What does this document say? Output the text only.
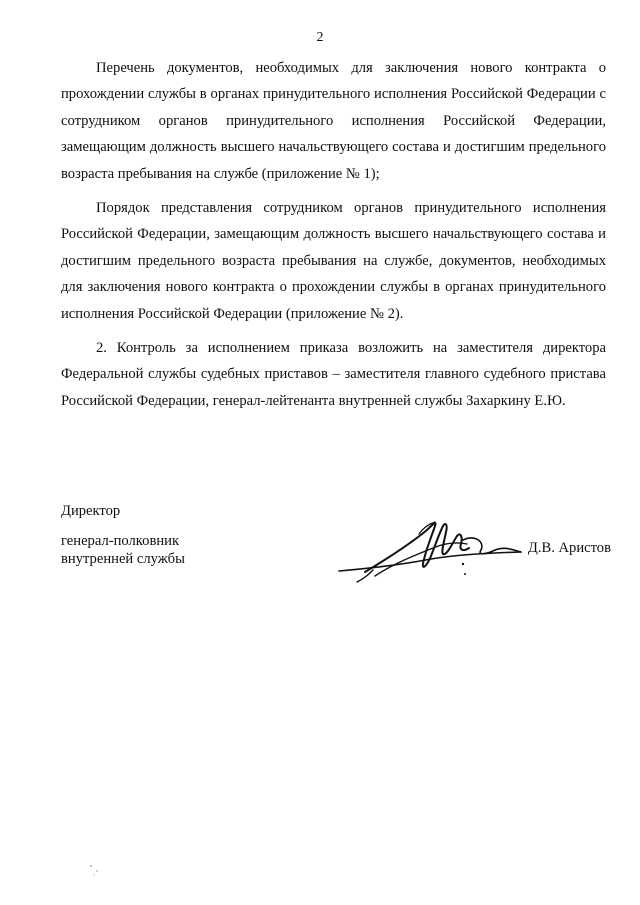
2

Перечень документов, необходимых для заключения нового контракта о прохождении службы в органах принудительного исполнения Российской Федерации с сотрудником органов принудительного исполнения Российской Федерации, замещающим должность высшего начальствующего состава и достигшим предельного возраста пребывания на службе (приложение № 1);

Порядок представления сотрудником органов принудительного исполнения Российской Федерации, замещающим должность высшего начальствующего состава и достигшим предельного возраста пребывания на службе, документов, необходимых для заключения нового контракта о прохождении службы в органах принудительного исполнения Российской Федерации (приложение № 2).

2. Контроль за исполнением приказа возложить на заместителя директора Федеральной службы судебных приставов – заместителя главного судебного пристава Российской Федерации, генерал-лейтенанта внутренней службы Захаркину Е.Ю.

Директор
генерал-полковник
внутренней службы
Д.В. Аристов
